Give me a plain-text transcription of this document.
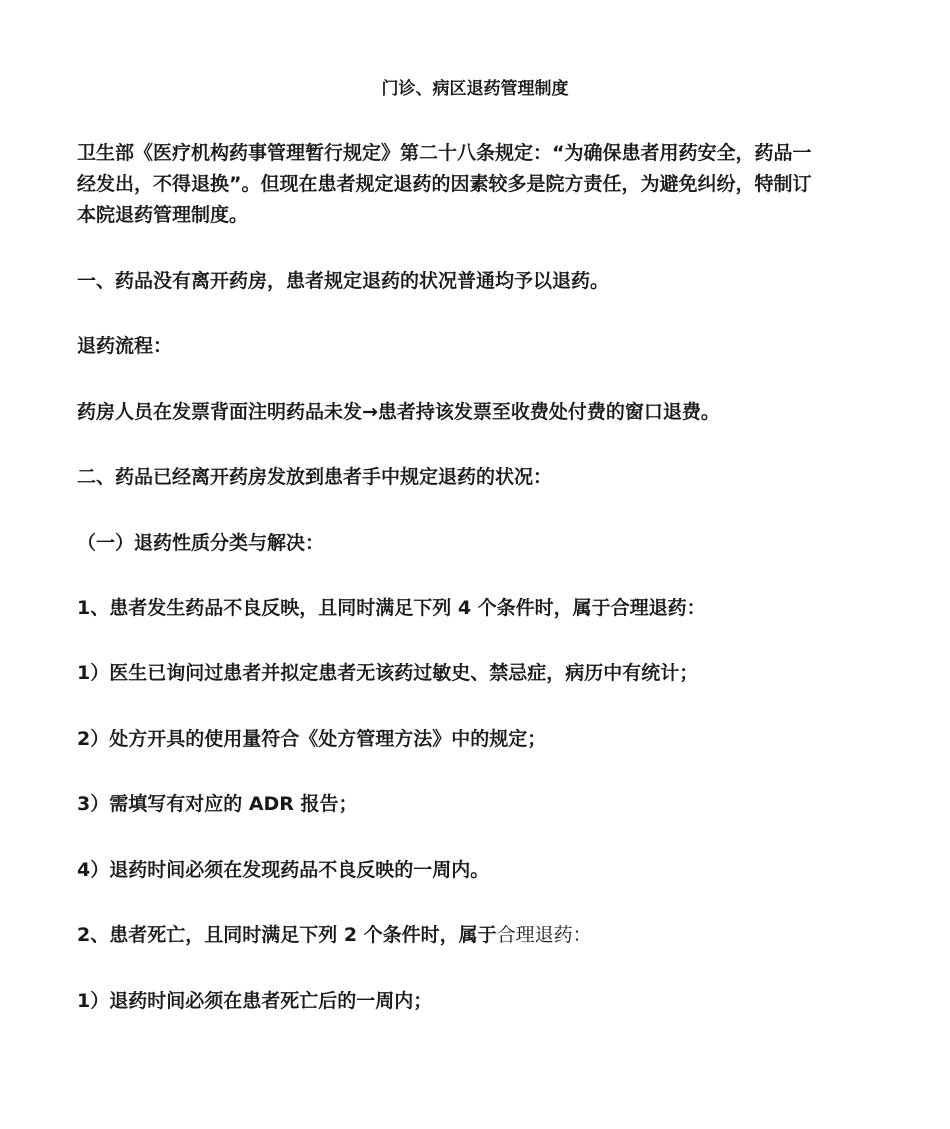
门诊、病区退药管理制度
卫生部《医疗机构药事管理暂行规定》第二十八条规定：“为确保患者用药安全，药品一
经发出，不得退换”。但现在患者规定退药的因素较多是院方责任，为避免纠纷，特制订
本院退药管理制度。
一、药品没有离开药房，患者规定退药的状况普通均予以退药。
退药流程：
药房人员在发票背面注明药品未发→患者持该发票至收费处付费的窗口退费。
二、药品已经离开药房发放到患者手中规定退药的状况：
（一）退药性质分类与解决：
1、患者发生药品不良反映，且同时满足下列 4 个条件时，属于合理退药：
1）医生已询问过患者并拟定患者无该药过敏史、禁忌症，病历中有统计；
2）处方开具的使用量符合《处方管理方法》中的规定；
3）需填写有对应的 ADR 报告；
4）退药时间必须在发现药品不良反映的一周内。
2、患者死亡，且同时满足下列 2 个条件时，属于合理退药：
1）退药时间必须在患者死亡后的一周内；
